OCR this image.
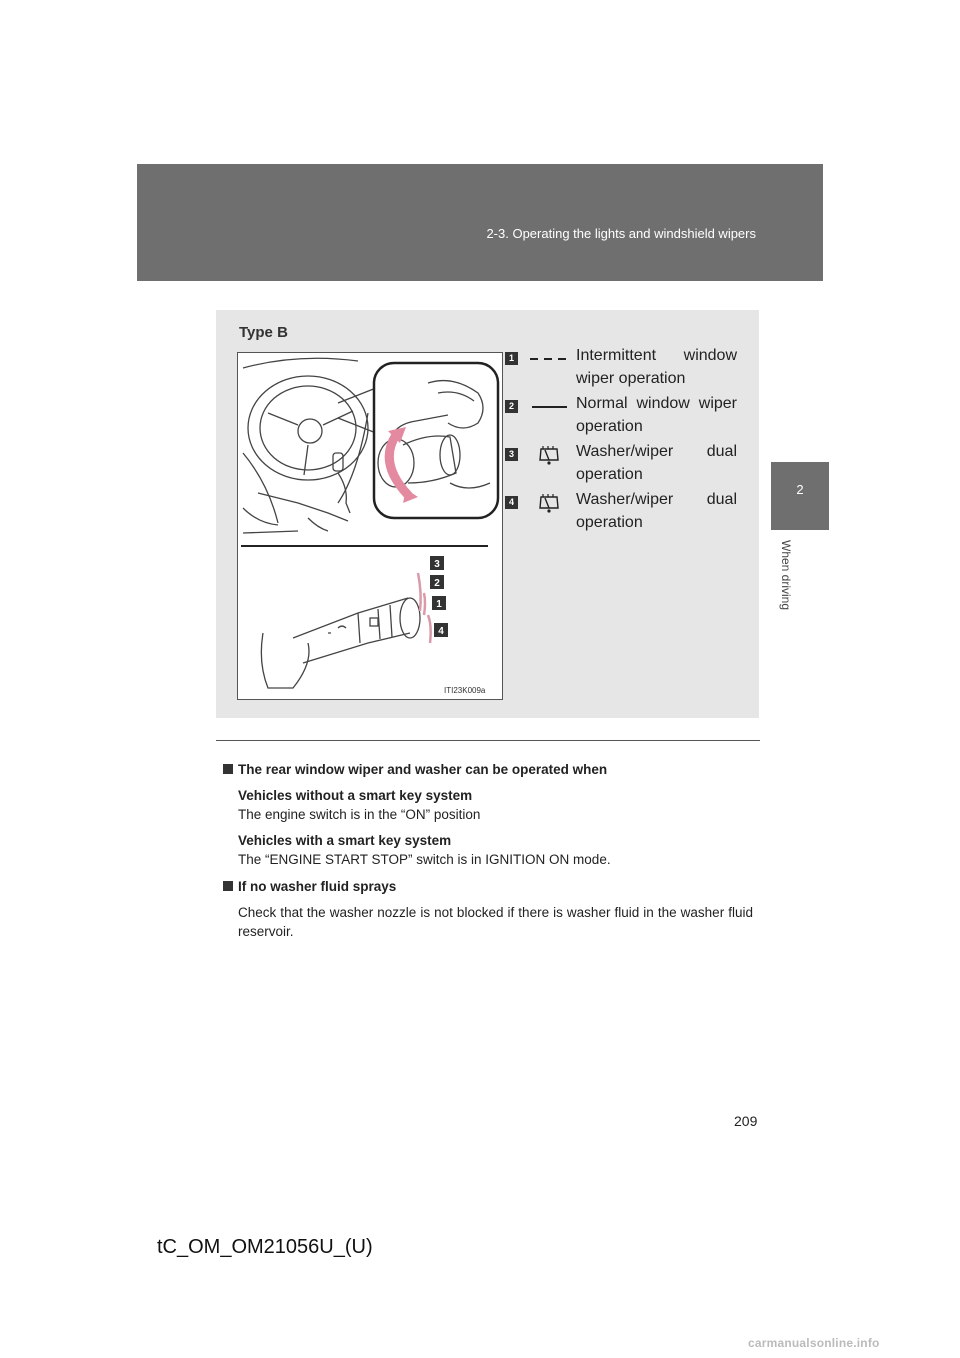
2-3. Operating the lights and windshield wipers
2
When driving
Type B
3
2
1
4
ITI23K009a
1	Intermittent window wiper operation
2	Normal window wiper operation
3	Washer/wiper dual operation
4	Washer/wiper dual operation
The rear window wiper and washer can be operated when
Vehicles without a smart key system
The engine switch is in the “ON” position
Vehicles with a smart key system
The “ENGINE START STOP” switch is in IGNITION ON mode.
If no washer fluid sprays
Check that the washer nozzle is not blocked if there is washer fluid in the washer fluid reservoir.
209
tC_OM_OM21056U_(U)
carmanualsonline.info
